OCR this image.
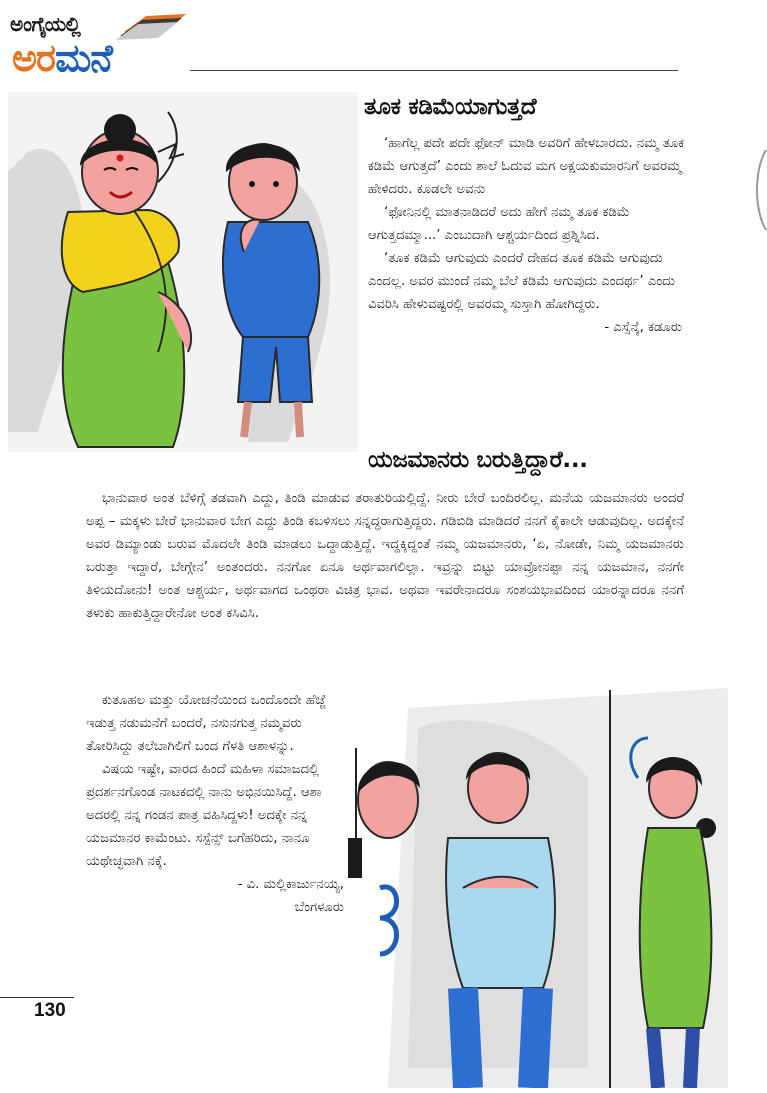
ಅಂಗೈಯಲ್ಲಿ
ಅರಮನೆ
ತೂಕ ಕಡಿಮೆಯಾಗುತ್ತದೆ

‘ಹಾಗೆಲ್ಲ ಪದೇ ಪದೇ ಫೋನ್ ಮಾಡಿ ಅವರಿಗೆ ಹೇಳಬಾರದು. ನಮ್ಮ ತೂಕ ಕಡಿಮೆ ಆಗುತ್ತದೆ’ ಎಂದು ಶಾಲೆ ಓದುವ ಮಗ ಅಕ್ಷಯಕುಮಾರನಿಗೆ ಅವರಮ್ಮ ಹೇಳಿದರು. ಕೂಡಲೇ ಅವನು

‘ಫೋನಿನಲ್ಲಿ ಮಾತನಾಡಿದರೆ ಅದು ಹೇಗೆ ನಮ್ಮ ತೂಕ ಕಡಿಮೆ ಆಗುತ್ತದಮ್ಮಾ...’ ಎಂಬುದಾಗಿ ಆಶ್ಚರ್ಯದಿಂದ ಪ್ರಶ್ನಿಸಿದ.

‘ತೂಕ ಕಡಿಮೆ ಆಗುವುದು ಎಂದರೆ ದೇಹದ ತೂಕ ಕಡಿಮೆ ಆಗುವುದು ಎಂದಲ್ಲ. ಅವರ ಮುಂದೆ ನಮ್ಮ ಬೆಲೆ ಕಡಿಮೆ ಆಗುವುದು ಎಂದರ್ಥ’ ಎಂದು ವಿವರಿಸಿ ಹೇಳುವಷ್ಟರಲ್ಲಿ ಅವರಮ್ಮ ಸುಸ್ತಾಗಿ ಹೋಗಿದ್ದರು.

- ಎಸ್ಸೆನ್ಕೆ, ಕಡೂರು

ಯಜಮಾನರು ಬರುತ್ತಿದ್ದಾರೆ...

ಭಾನುವಾರ ಅಂತ ಬೆಳಿಗ್ಗೆ ತಡವಾಗಿ ಎದ್ದು, ತಿಂಡಿ ಮಾಡುವ ತರಾತುರಿಯಲ್ಲಿದ್ದೆ. ನೀರು ಬೇರೆ ಬಂದಿರಲಿಲ್ಲ. ಮನೆಯ ಯಜಮಾನರು ಅಂದರೆ ಅಪ್ಪ – ಮಕ್ಕಳು ಬೇರೆ ಭಾನುವಾರ ಬೇಗ ಎದ್ದು ತಿಂಡಿ ಕಬಳಿಸಲು ಸನ್ನದ್ಧರಾಗುತ್ತಿದ್ದರು. ಗಡಿಬಿಡಿ ಮಾಡಿದರೆ ನನಗೆ ಕೈಕಾಲೇ ಆಡುವುದಿಲ್ಲ. ಅದಕ್ಕೇನೆ ಅವರ ಡಿಮ್ಯಾಂಡು ಬರುವ ಮೊದಲೇ ತಿಂಡಿ ಮಾಡಲು ಒದ್ದಾಡುತ್ತಿದ್ದೆ. ಇದ್ದಕ್ಕಿದ್ದಂತೆ ನಮ್ಮ ಯಜಮಾನರು, ‘ಏ, ನೋಡೇ, ನಿಮ್ಮ ಯಜಮಾನರು ಬರುತ್ತಾ ಇದ್ದಾರೆ, ಬೇಗ್ಗೇನ’ ಅಂತಂದರು. ನನಗೋ ಏನೂ ಅರ್ಥವಾಗಲಿಲ್ಲಾ. ಇವ್ರನ್ನು ಬಿಟ್ಟು ಯಾವ್ರೋನಪ್ಪಾ ನನ್ನ ಯಜಮಾನ, ನನಗೇ ತಿಳಿಯದೋನು! ಅಂತ ಆಶ್ಚರ್ಯ, ಅರ್ಥವಾಗದ ಒಂಥರಾ ವಿಚಿತ್ರ ಭಾವ. ಅಥವಾ ಇವರೇನಾದರೂ ಸಂಶಯಭಾವದಿಂದ ಯಾರನ್ನಾದರೂ ನನಗೆ ತಳುಕು ಹಾಕುತ್ತಿದ್ದಾರೇನೋ ಅಂತ ಕಸಿವಿಸಿ.

ಕುತೂಹಲ ಮತ್ತು ಯೋಚನೆಯಿಂದ ಒಂದೊಂದೇ ಹೆಜ್ಜೆ ಇಡುತ್ತ ನಡುಮನೆಗೆ ಬಂದರೆ, ನಸುನಗುತ್ತ ನಮ್ಮವರು ತೋರಿಸಿದ್ದು ತಲೆಬಾಗಿಲಿಗೆ ಬಂದ ಗೆಳತಿ ಆಶಾಳನ್ನು.

ವಿಷಯ ಇಷ್ಟೇ, ವಾರದ ಹಿಂದೆ ಮಹಿಳಾ ಸಮಾಜದಲ್ಲಿ ಪ್ರದರ್ಶನಗೊಂಡ ನಾಟಕದಲ್ಲಿ ನಾನು ಅಭಿನಯಿಸಿದ್ದೆ. ಆಶಾ ಅದರಲ್ಲಿ ನನ್ನ ಗಂಡನ ಪಾತ್ರ ವಹಿಸಿದ್ದಳು! ಅದಕ್ಕೇ ನನ್ನ ಯಜಮಾನರ ಕಾಮೆಂಟು. ಸಸ್ಪೆನ್ಸ್ ಬಗೆಹರಿದು, ನಾನೂ ಯಥೇಚ್ಛವಾಗಿ ನಕ್ಕೆ.

- ವಿ. ಮಲ್ಲಿಕಾರ್ಜುನಯ್ಯ,

ಬೆಂಗಳೂರು

130
